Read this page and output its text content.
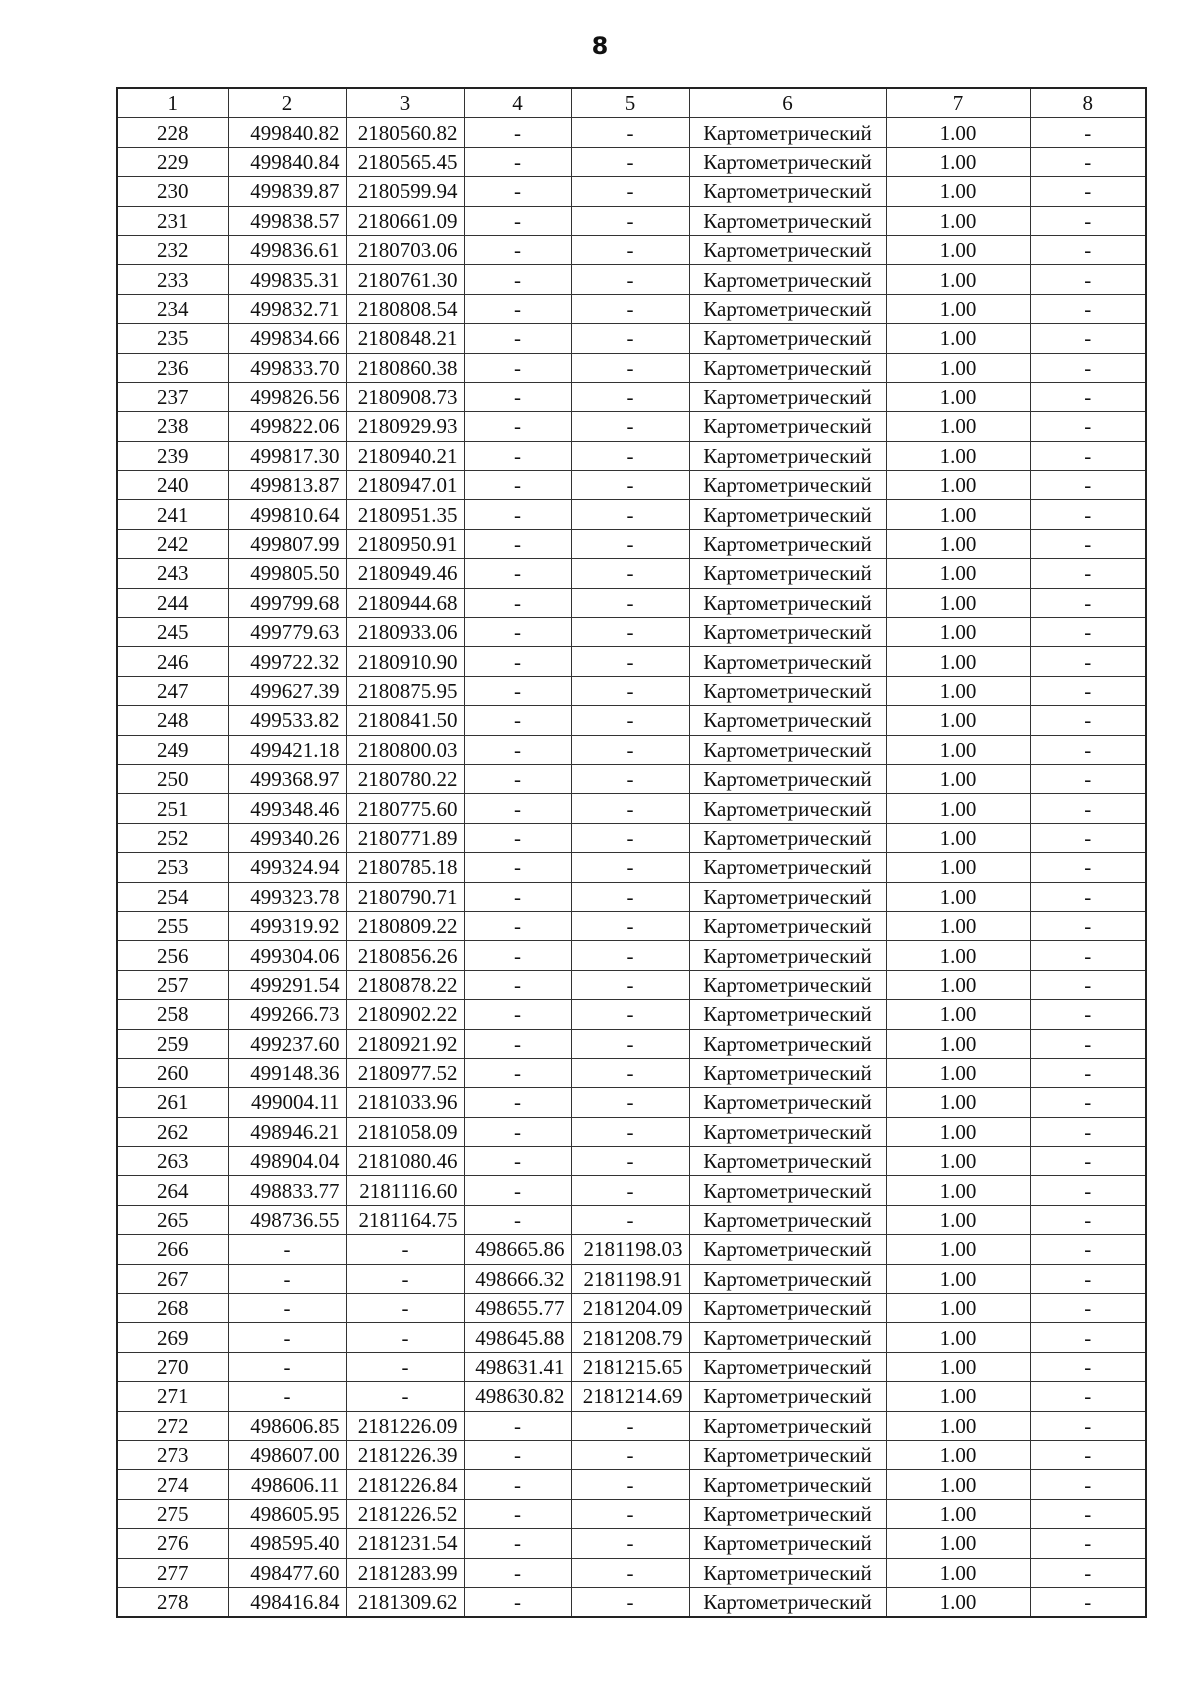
8
1	2	3	4	5	6	7	8
228	499840.82	2180560.82	-	-	Картометрический	1.00	-
229	499840.84	2180565.45	-	-	Картометрический	1.00	-
230	499839.87	2180599.94	-	-	Картометрический	1.00	-
231	499838.57	2180661.09	-	-	Картометрический	1.00	-
232	499836.61	2180703.06	-	-	Картометрический	1.00	-
233	499835.31	2180761.30	-	-	Картометрический	1.00	-
234	499832.71	2180808.54	-	-	Картометрический	1.00	-
235	499834.66	2180848.21	-	-	Картометрический	1.00	-
236	499833.70	2180860.38	-	-	Картометрический	1.00	-
237	499826.56	2180908.73	-	-	Картометрический	1.00	-
238	499822.06	2180929.93	-	-	Картометрический	1.00	-
239	499817.30	2180940.21	-	-	Картометрический	1.00	-
240	499813.87	2180947.01	-	-	Картометрический	1.00	-
241	499810.64	2180951.35	-	-	Картометрический	1.00	-
242	499807.99	2180950.91	-	-	Картометрический	1.00	-
243	499805.50	2180949.46	-	-	Картометрический	1.00	-
244	499799.68	2180944.68	-	-	Картометрический	1.00	-
245	499779.63	2180933.06	-	-	Картометрический	1.00	-
246	499722.32	2180910.90	-	-	Картометрический	1.00	-
247	499627.39	2180875.95	-	-	Картометрический	1.00	-
248	499533.82	2180841.50	-	-	Картометрический	1.00	-
249	499421.18	2180800.03	-	-	Картометрический	1.00	-
250	499368.97	2180780.22	-	-	Картометрический	1.00	-
251	499348.46	2180775.60	-	-	Картометрический	1.00	-
252	499340.26	2180771.89	-	-	Картометрический	1.00	-
253	499324.94	2180785.18	-	-	Картометрический	1.00	-
254	499323.78	2180790.71	-	-	Картометрический	1.00	-
255	499319.92	2180809.22	-	-	Картометрический	1.00	-
256	499304.06	2180856.26	-	-	Картометрический	1.00	-
257	499291.54	2180878.22	-	-	Картометрический	1.00	-
258	499266.73	2180902.22	-	-	Картометрический	1.00	-
259	499237.60	2180921.92	-	-	Картометрический	1.00	-
260	499148.36	2180977.52	-	-	Картометрический	1.00	-
261	499004.11	2181033.96	-	-	Картометрический	1.00	-
262	498946.21	2181058.09	-	-	Картометрический	1.00	-
263	498904.04	2181080.46	-	-	Картометрический	1.00	-
264	498833.77	2181116.60	-	-	Картометрический	1.00	-
265	498736.55	2181164.75	-	-	Картометрический	1.00	-
266	-	-	498665.86	2181198.03	Картометрический	1.00	-
267	-	-	498666.32	2181198.91	Картометрический	1.00	-
268	-	-	498655.77	2181204.09	Картометрический	1.00	-
269	-	-	498645.88	2181208.79	Картометрический	1.00	-
270	-	-	498631.41	2181215.65	Картометрический	1.00	-
271	-	-	498630.82	2181214.69	Картометрический	1.00	-
272	498606.85	2181226.09	-	-	Картометрический	1.00	-
273	498607.00	2181226.39	-	-	Картометрический	1.00	-
274	498606.11	2181226.84	-	-	Картометрический	1.00	-
275	498605.95	2181226.52	-	-	Картометрический	1.00	-
276	498595.40	2181231.54	-	-	Картометрический	1.00	-
277	498477.60	2181283.99	-	-	Картометрический	1.00	-
278	498416.84	2181309.62	-	-	Картометрический	1.00	-
